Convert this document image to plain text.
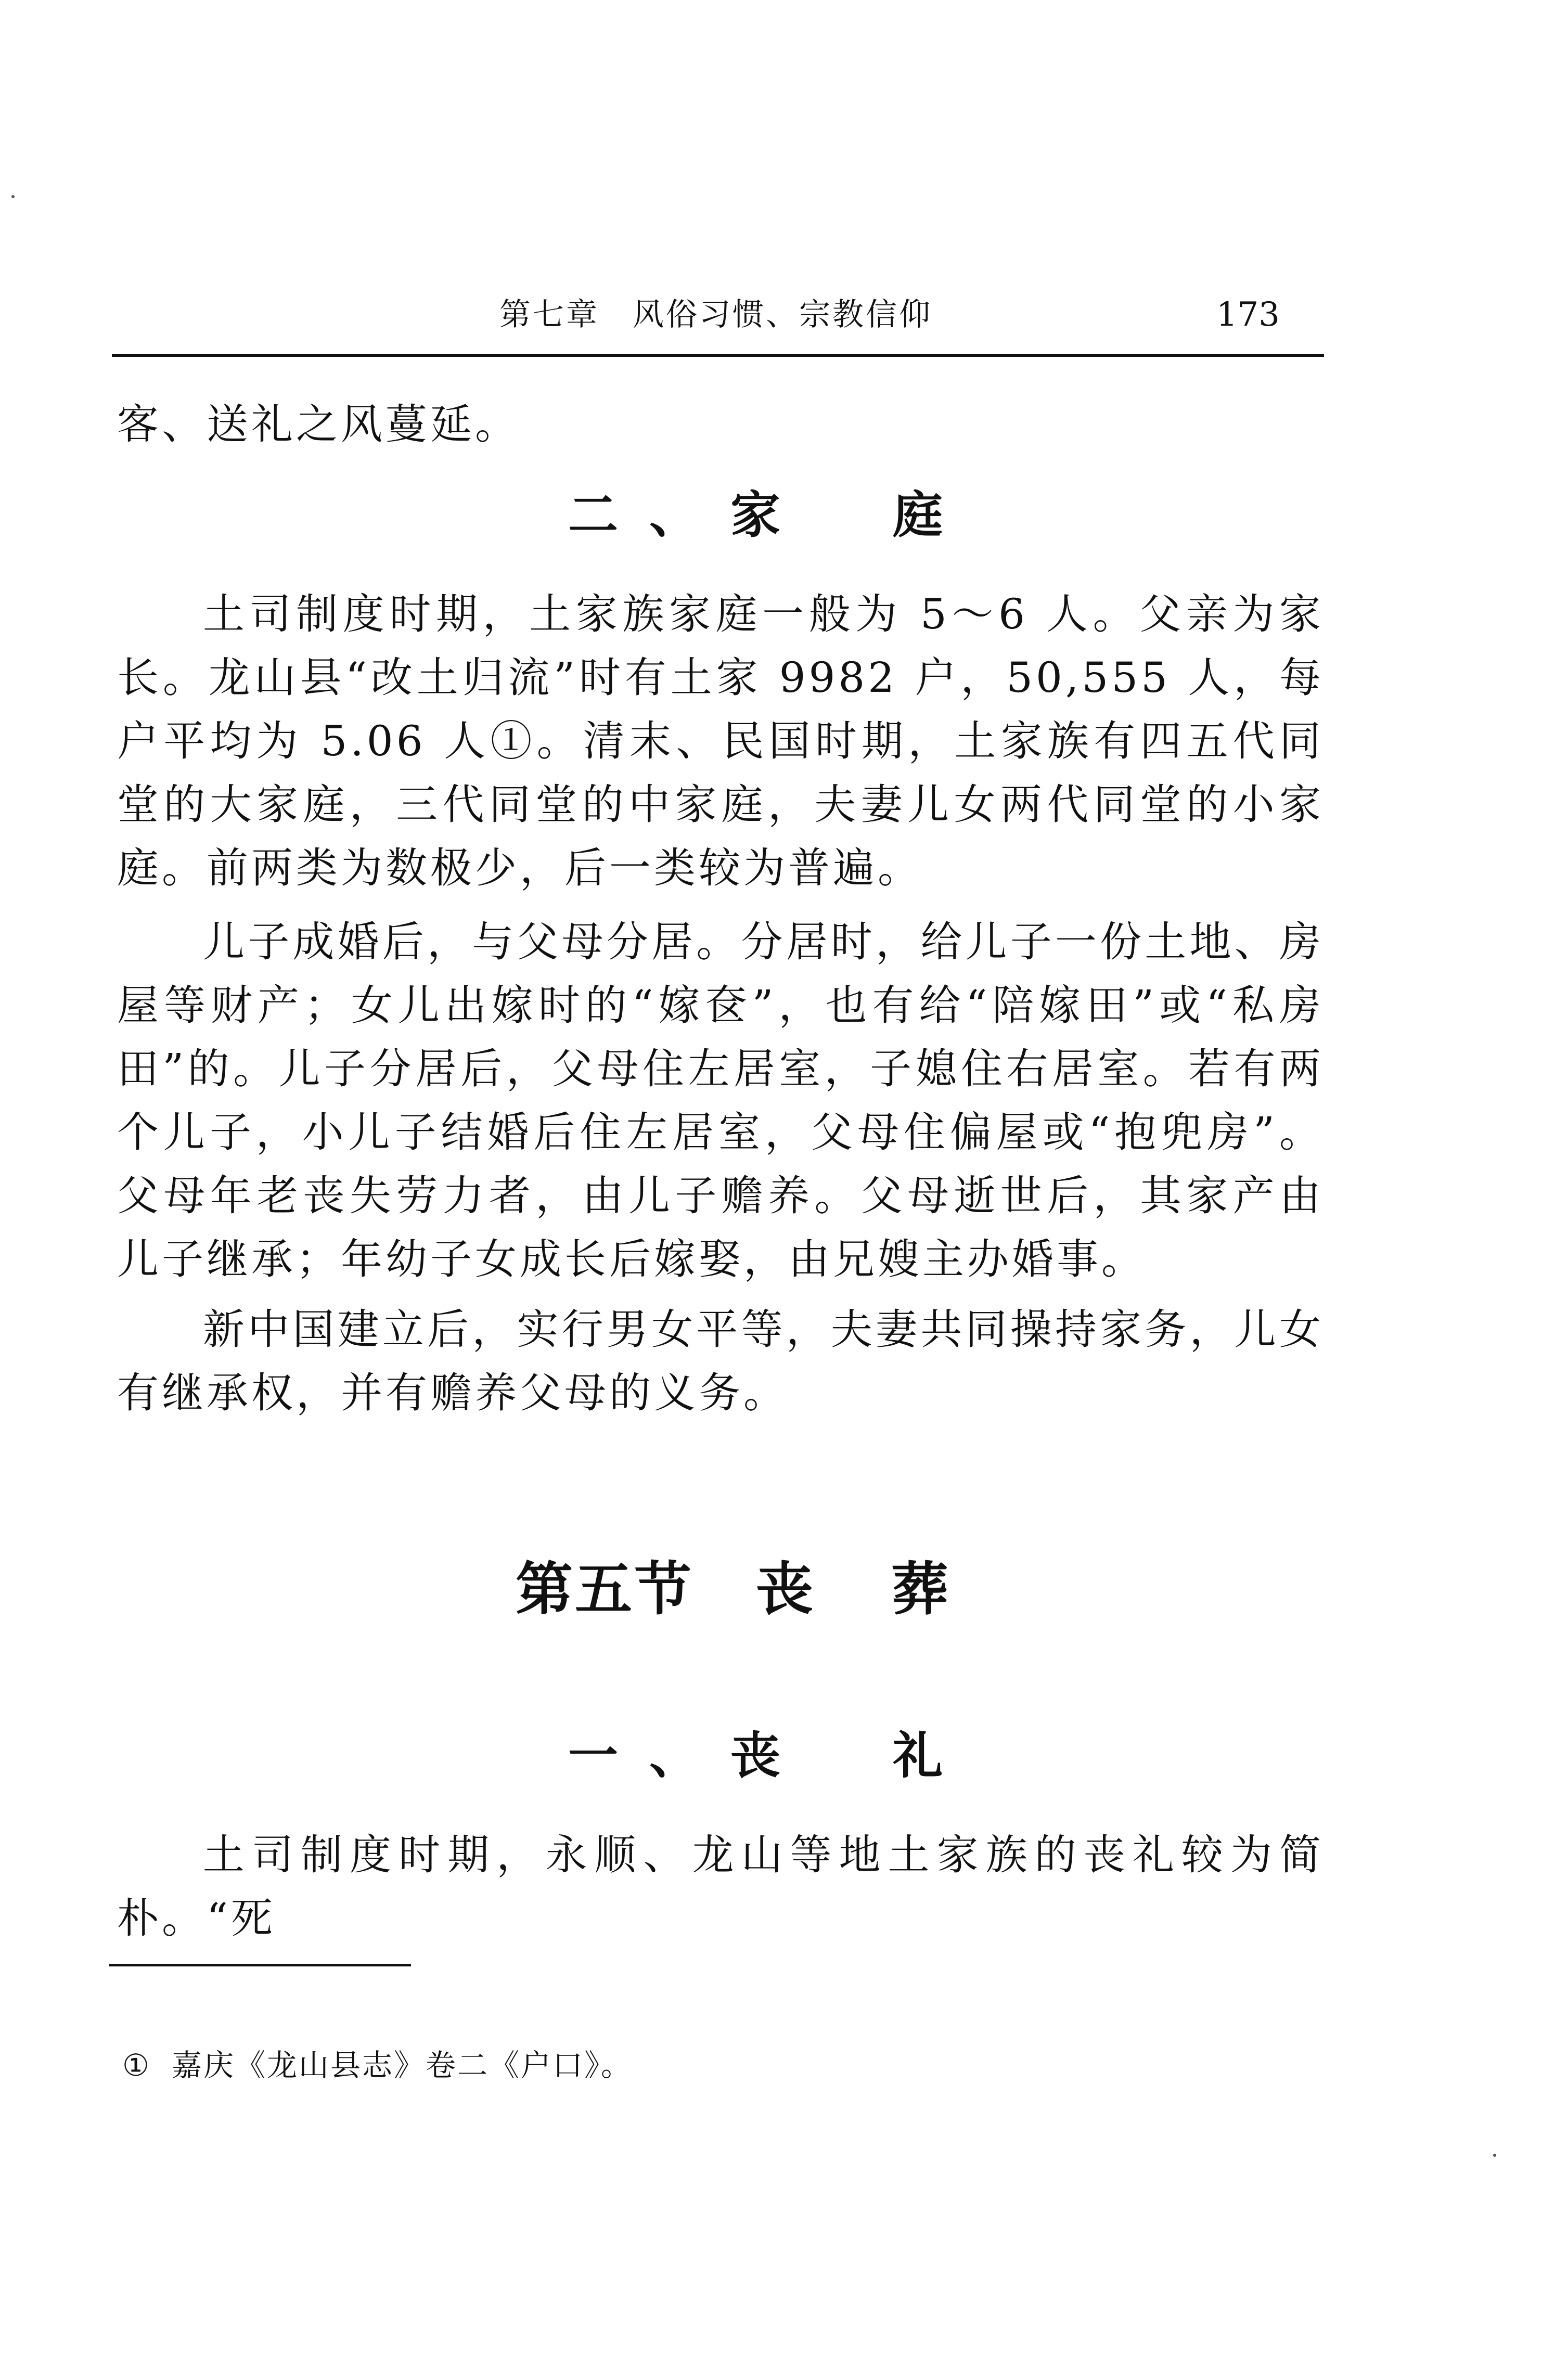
第七章　风俗习惯、宗教信仰	173

客、送礼之风蔓延。

二、家　庭

土司制度时期，土家族家庭一般为 5～6 人。父亲为家长。龙山县“改土归流”时有土家 9982 户，50,555 人，每户平均为 5.06 人①。清末、民国时期，土家族有四五代同堂的大家庭，三代同堂的中家庭，夫妻儿女两代同堂的小家庭。前两类为数极少，后一类较为普遍。

儿子成婚后，与父母分居。分居时，给儿子一份土地、房屋等财产；女儿出嫁时的“嫁奁”，也有给“陪嫁田”或“私房田”的。儿子分居后，父母住左居室，子媳住右居室。若有两个儿子，小儿子结婚后住左居室，父母住偏屋或“抱兜房”。父母年老丧失劳力者，由儿子赡养。父母逝世后，其家产由儿子继承；年幼子女成长后嫁娶，由兄嫂主办婚事。

新中国建立后，实行男女平等，夫妻共同操持家务，儿女有继承权，并有赡养父母的义务。

第五节 丧葬
一、丧　礼

土司制度时期，永顺、龙山等地土家族的丧礼较为简朴。“死

① 嘉庆《龙山县志》卷二《户口》。
